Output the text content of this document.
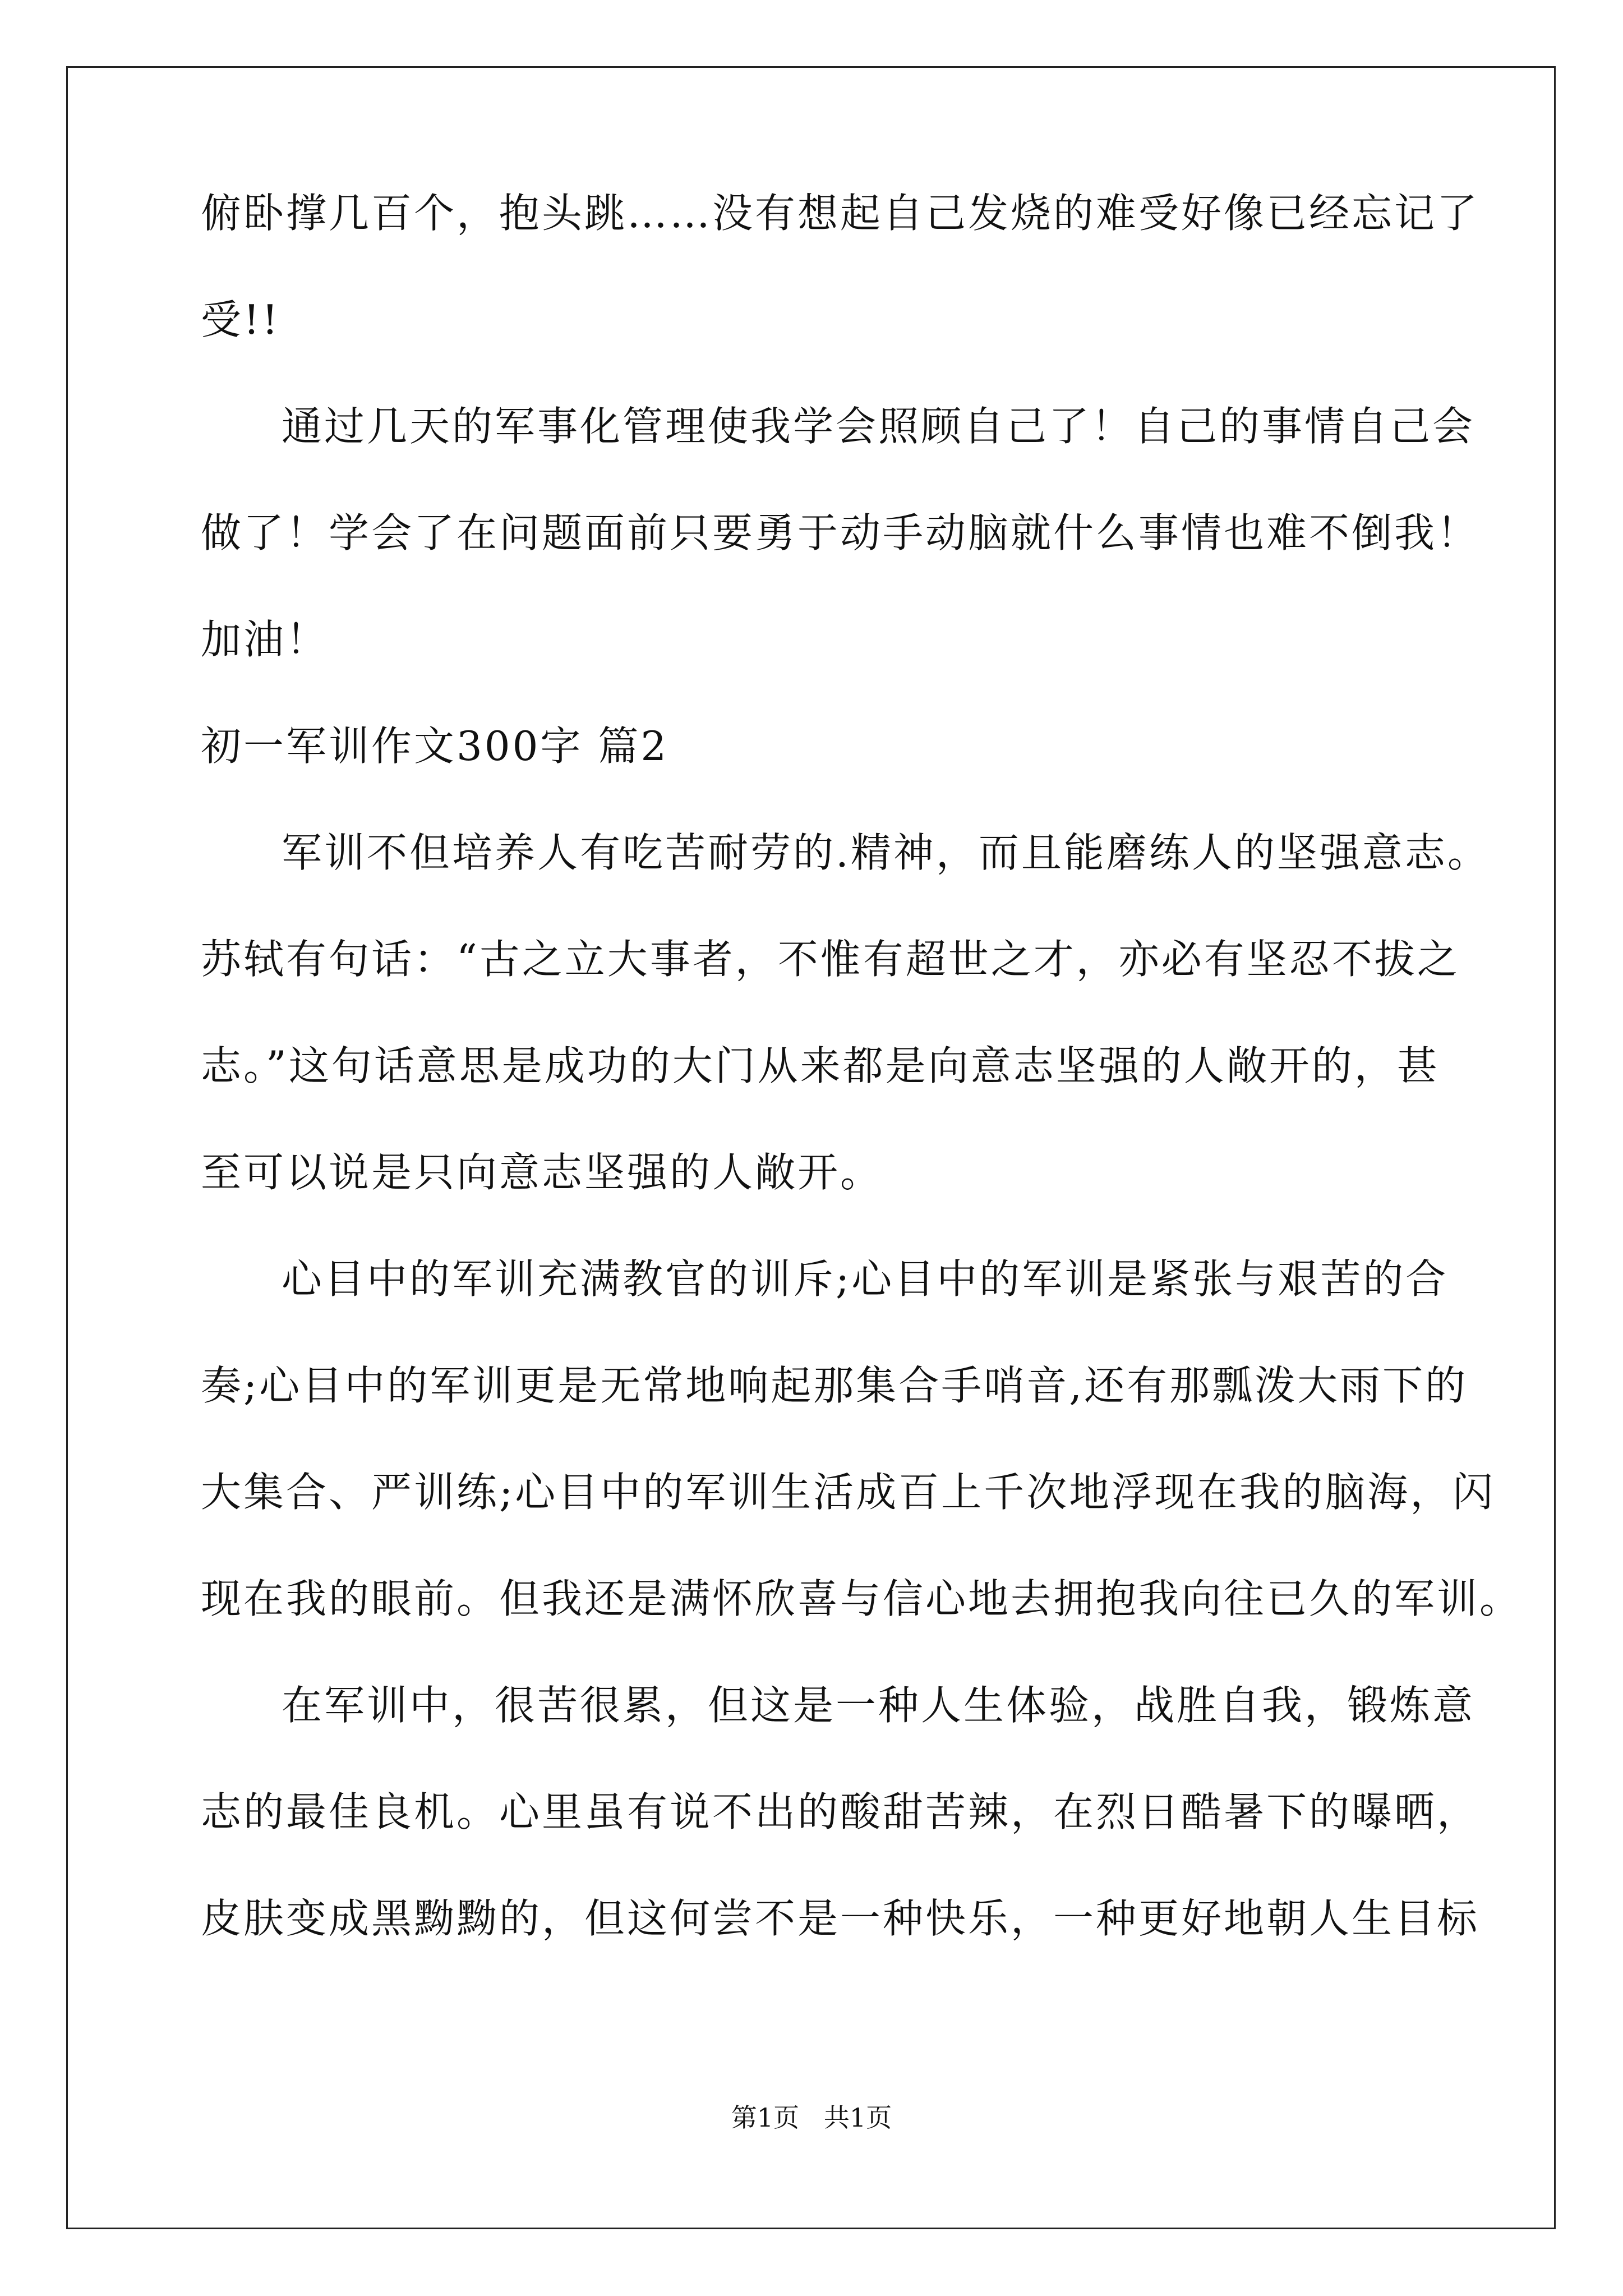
俯卧撑几百个，抱头跳……没有想起自己发烧的难受好像已经忘记了
受!!
通过几天的军事化管理使我学会照顾自己了！自己的事情自己会
做了！学会了在问题面前只要勇于动手动脑就什么事情也难不倒我！
加油！
初一军训作文300字 篇2
军训不但培养人有吃苦耐劳的.精神，而且能磨练人的坚强意志。
苏轼有句话：“古之立大事者，不惟有超世之才，亦必有坚忍不拔之
志。”这句话意思是成功的大门从来都是向意志坚强的人敞开的，甚
至可以说是只向意志坚强的人敞开。
心目中的军训充满教官的训斥;心目中的军训是紧张与艰苦的合
奏;心目中的军训更是无常地响起那集合手哨音,还有那瓢泼大雨下的
大集合、严训练;心目中的军训生活成百上千次地浮现在我的脑海，闪
现在我的眼前。但我还是满怀欣喜与信心地去拥抱我向往已久的军训。
在军训中，很苦很累，但这是一种人生体验，战胜自我，锻炼意
志的最佳良机。心里虽有说不出的酸甜苦辣，在烈日酷暑下的曝晒，
皮肤变成黑黝黝的，但这何尝不是一种快乐，一种更好地朝人生目标
第1页   共1页
